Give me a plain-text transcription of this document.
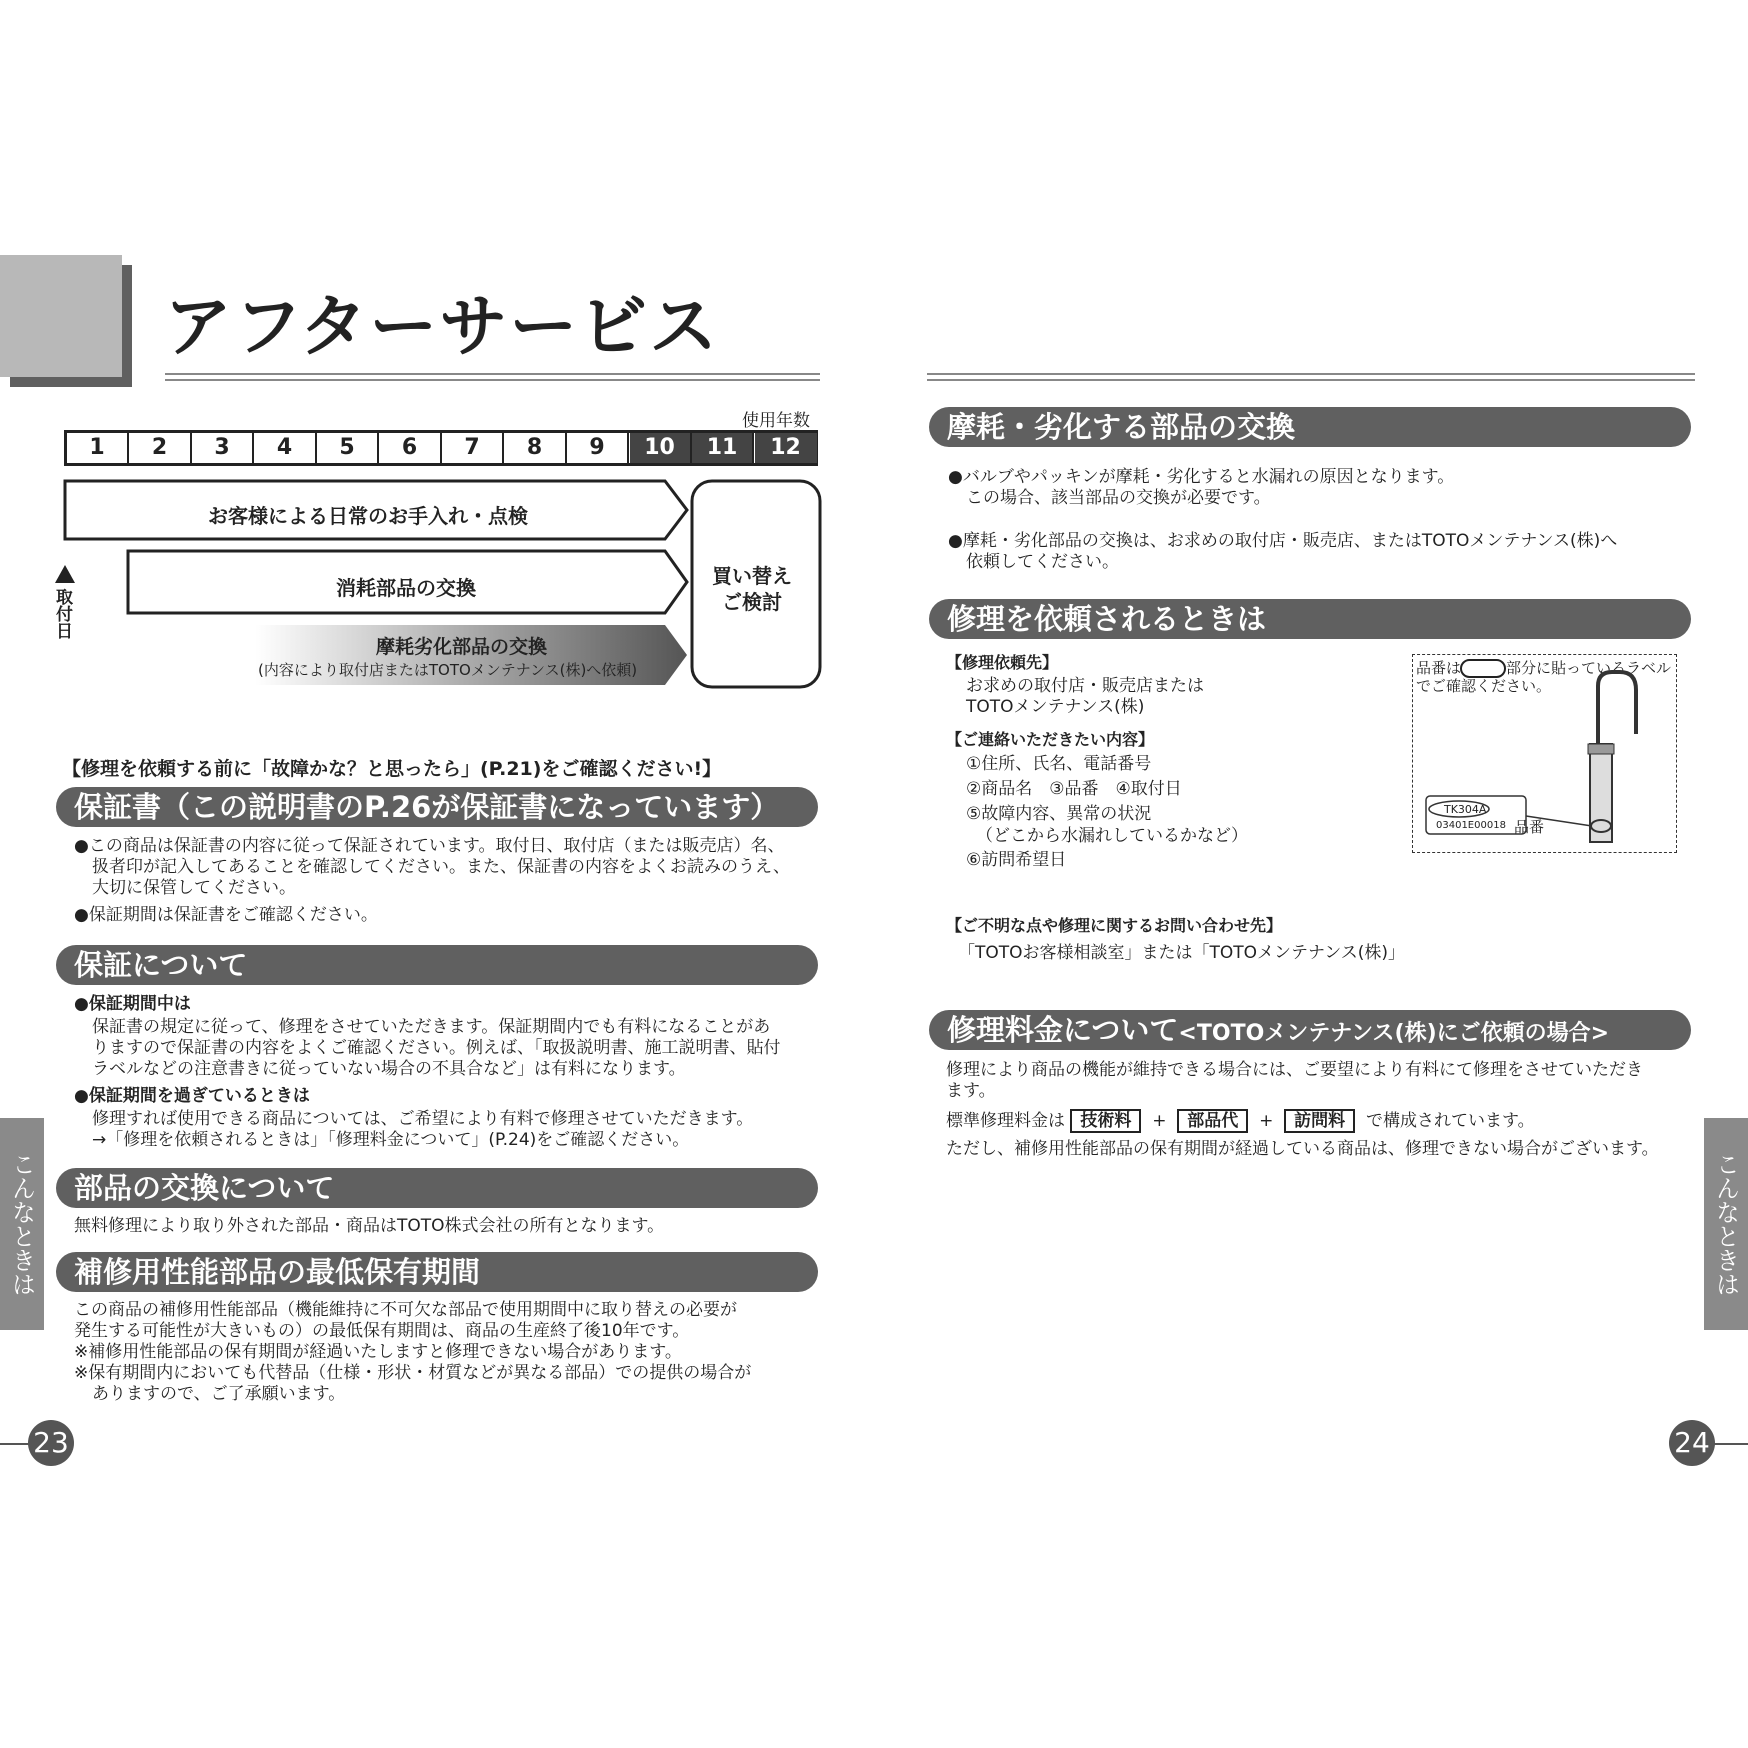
アフターサービス
使用年数
1	2	3	4	5	6	7	8	9	10	11	12
お客様による日常のお手入れ・点検
消耗部品の交換
摩耗劣化部品の交換
(内容により取付店またはTOTOメンテナンス(株)へ依頼)
買い替え
ご検討
取付日
【修理を依頼する前に「故障かな？と思ったら」(P.21)をご確認ください!】
保証書（この説明書のP.26が保証書になっています）
●この商品は保証書の内容に従って保証されています。取付日、取付店（または販売店）名、
扱者印が記入してあることを確認してください。また、保証書の内容をよくお読みのうえ、
大切に保管してください。
●保証期間は保証書をご確認ください。
保証について
●保証期間中は
保証書の規定に従って、修理をさせていただきます。保証期間内でも有料になることがあ
りますので保証書の内容をよくご確認ください。例えば、「取扱説明書、施工説明書、貼付
ラベルなどの注意書きに従っていない場合の不具合など」は有料になります。
●保証期間を過ぎているときは
修理すれば使用できる商品については、ご希望により有料で修理させていただきます。
→「修理を依頼されるときは」「修理料金について」(P.24)をご確認ください。
部品の交換について
無料修理により取り外された部品・商品はTOTO株式会社の所有となります。
補修用性能部品の最低保有期間
この商品の補修用性能部品（機能維持に不可欠な部品で使用期間中に取り替えの必要が
発生する可能性が大きいもの）の最低保有期間は、商品の生産終了後10年です。
※補修用性能部品の保有期間が経過いたしますと修理できない場合があります。
※保有期間内においても代替品（仕様・形状・材質などが異なる部品）での提供の場合が
ありますので、ご了承願います。
こんなときは
23
摩耗・劣化する部品の交換
●バルブやパッキンが摩耗・劣化すると水漏れの原因となります。
この場合、該当部品の交換が必要です。
●摩耗・劣化部品の交換は、お求めの取付店・販売店、またはTOTOメンテナンス(株)へ
依頼してください。
修理を依頼されるときは
【修理依頼先】
お求めの取付店・販売店または
TOTOメンテナンス(株)
【ご連絡いただきたい内容】
①住所、氏名、電話番号
②商品名　③品番　④取付日
⑤故障内容、異常の状況
（どこから水漏れしているかなど）
⑥訪問希望日
品番は	部分に貼っているラベル
でご確認ください。
TK304A
03401E00018 品番
【ご不明な点や修理に関するお問い合わせ先】
「TOTOお客様相談室」または「TOTOメンテナンス(株)」
修理料金について<TOTOメンテナンス(株)にご依頼の場合>
修理により商品の機能が維持できる場合には、ご要望により有料にて修理をさせていただき
ます。
標準修理料金は 技術料 + 部品代 + 訪問料 で構成されています。
ただし、補修用性能部品の保有期間が経過している商品は、修理できない場合がございます。
こんなときは
24
